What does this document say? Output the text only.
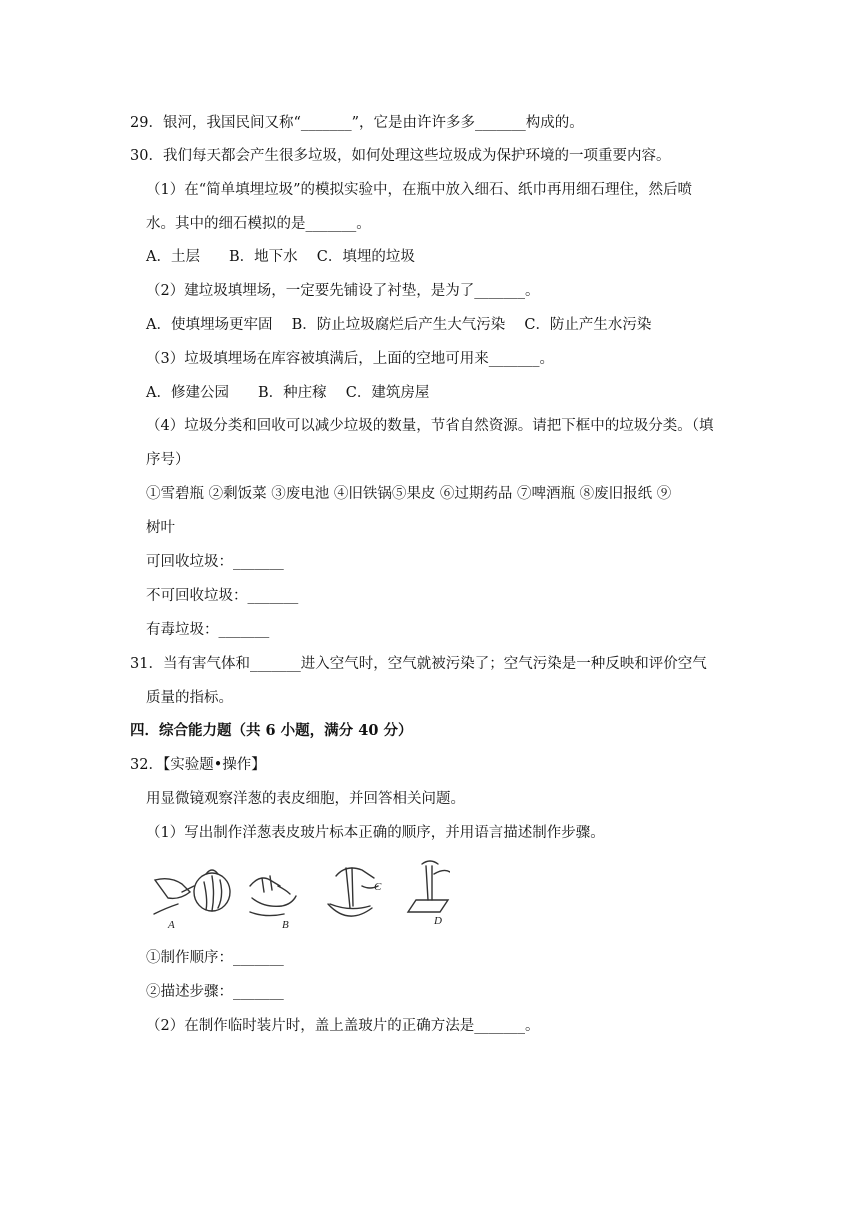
29．银河，我国民间又称“_______”，它是由许许多多_______构成的。
30．我们每天都会产生很多垃圾，如何处理这些垃圾成为保护环境的一项重要内容。
（1）在“简单填埋垃圾”的模拟实验中，在瓶中放入细石、纸巾再用细石理住，然后喷
水。其中的细石模拟的是_______。
A．土层　　B．地下水　 C．填埋的垃圾
（2）建垃圾填埋场，一定要先铺设了衬垫，是为了_______。
A．使填埋场更牢固　 B．防止垃圾腐烂后产生大气污染　 C．防止产生水污染
（3）垃圾填埋场在库容被填满后，上面的空地可用来_______。
A．修建公园　　B．种庄稼　 C．建筑房屋
（4）垃圾分类和回收可以减少垃圾的数量，节省自然资源。请把下框中的垃圾分类。（填
序号）
①雪碧瓶 ②剩饭菜 ③废电池 ④旧铁锅⑤果皮 ⑥过期药品 ⑦啤酒瓶 ⑧废旧报纸 ⑨
树叶
可回收垃圾：_______
不可回收垃圾：_______
有毒垃圾：_______
31．当有害气体和_______进入空气时，空气就被污染了；空气污染是一种反映和评价空气
质量的指标。
四．综合能力题（共 6 小题，满分 40 分）
32．【实验题•操作】
用显微镜观察洋葱的表皮细胞，并回答相关问题。
（1）写出制作洋葱表皮玻片标本正确的顺序，并用语言描述制作步骤。
A	B
C
D
①制作顺序：_______
②描述步骤：_______
（2）在制作临时装片时，盖上盖玻片的正确方法是_______。
